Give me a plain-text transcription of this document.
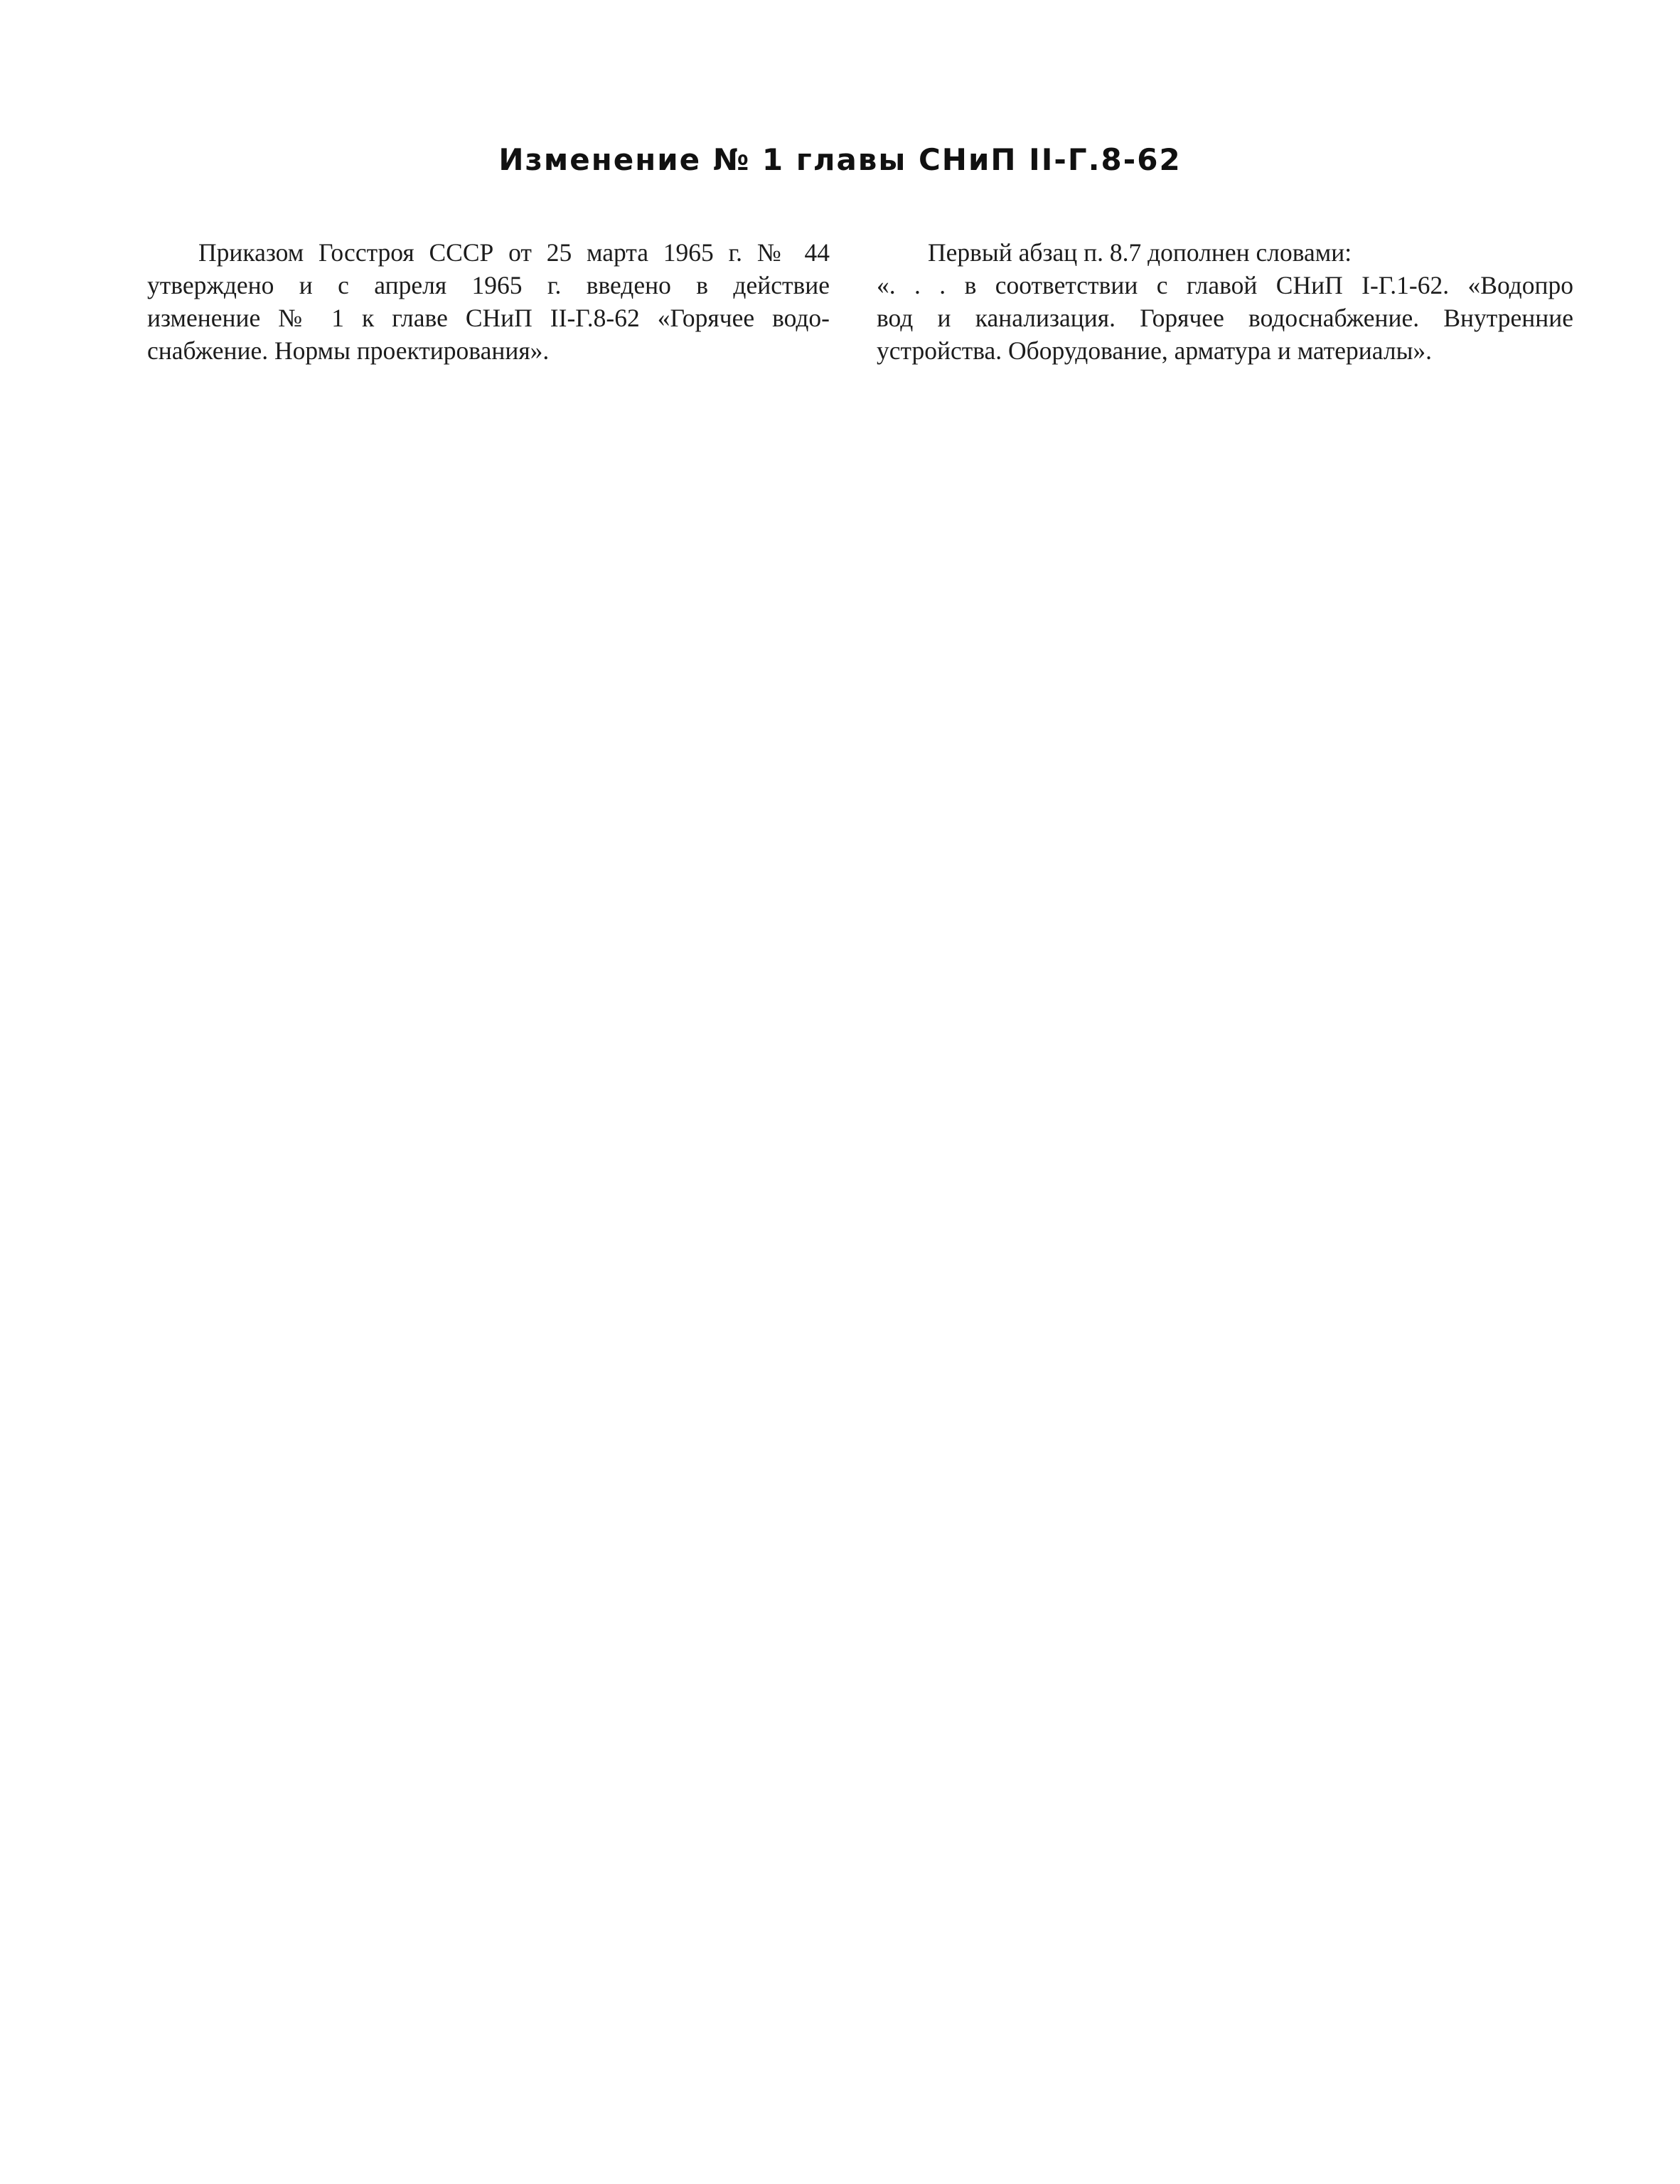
Изменение № 1 главы СНиП II-Г.8-62
Приказом Госстроя СССР от 25 марта 1965 г. № 44
утверждено и с апреля 1965 г. введено в действие
изменение № 1 к главе СНиП II-Г.8-62 «Горячее водо-
снабжение. Нормы проектирования».
Первый абзац п. 8.7 дополнен словами:
«. . . в соответствии с главой СНиП I-Г.1-62. «Водопро
вод и канализация. Горячее водоснабжение. Внутренние
устройства. Оборудование, арматура и материалы».
